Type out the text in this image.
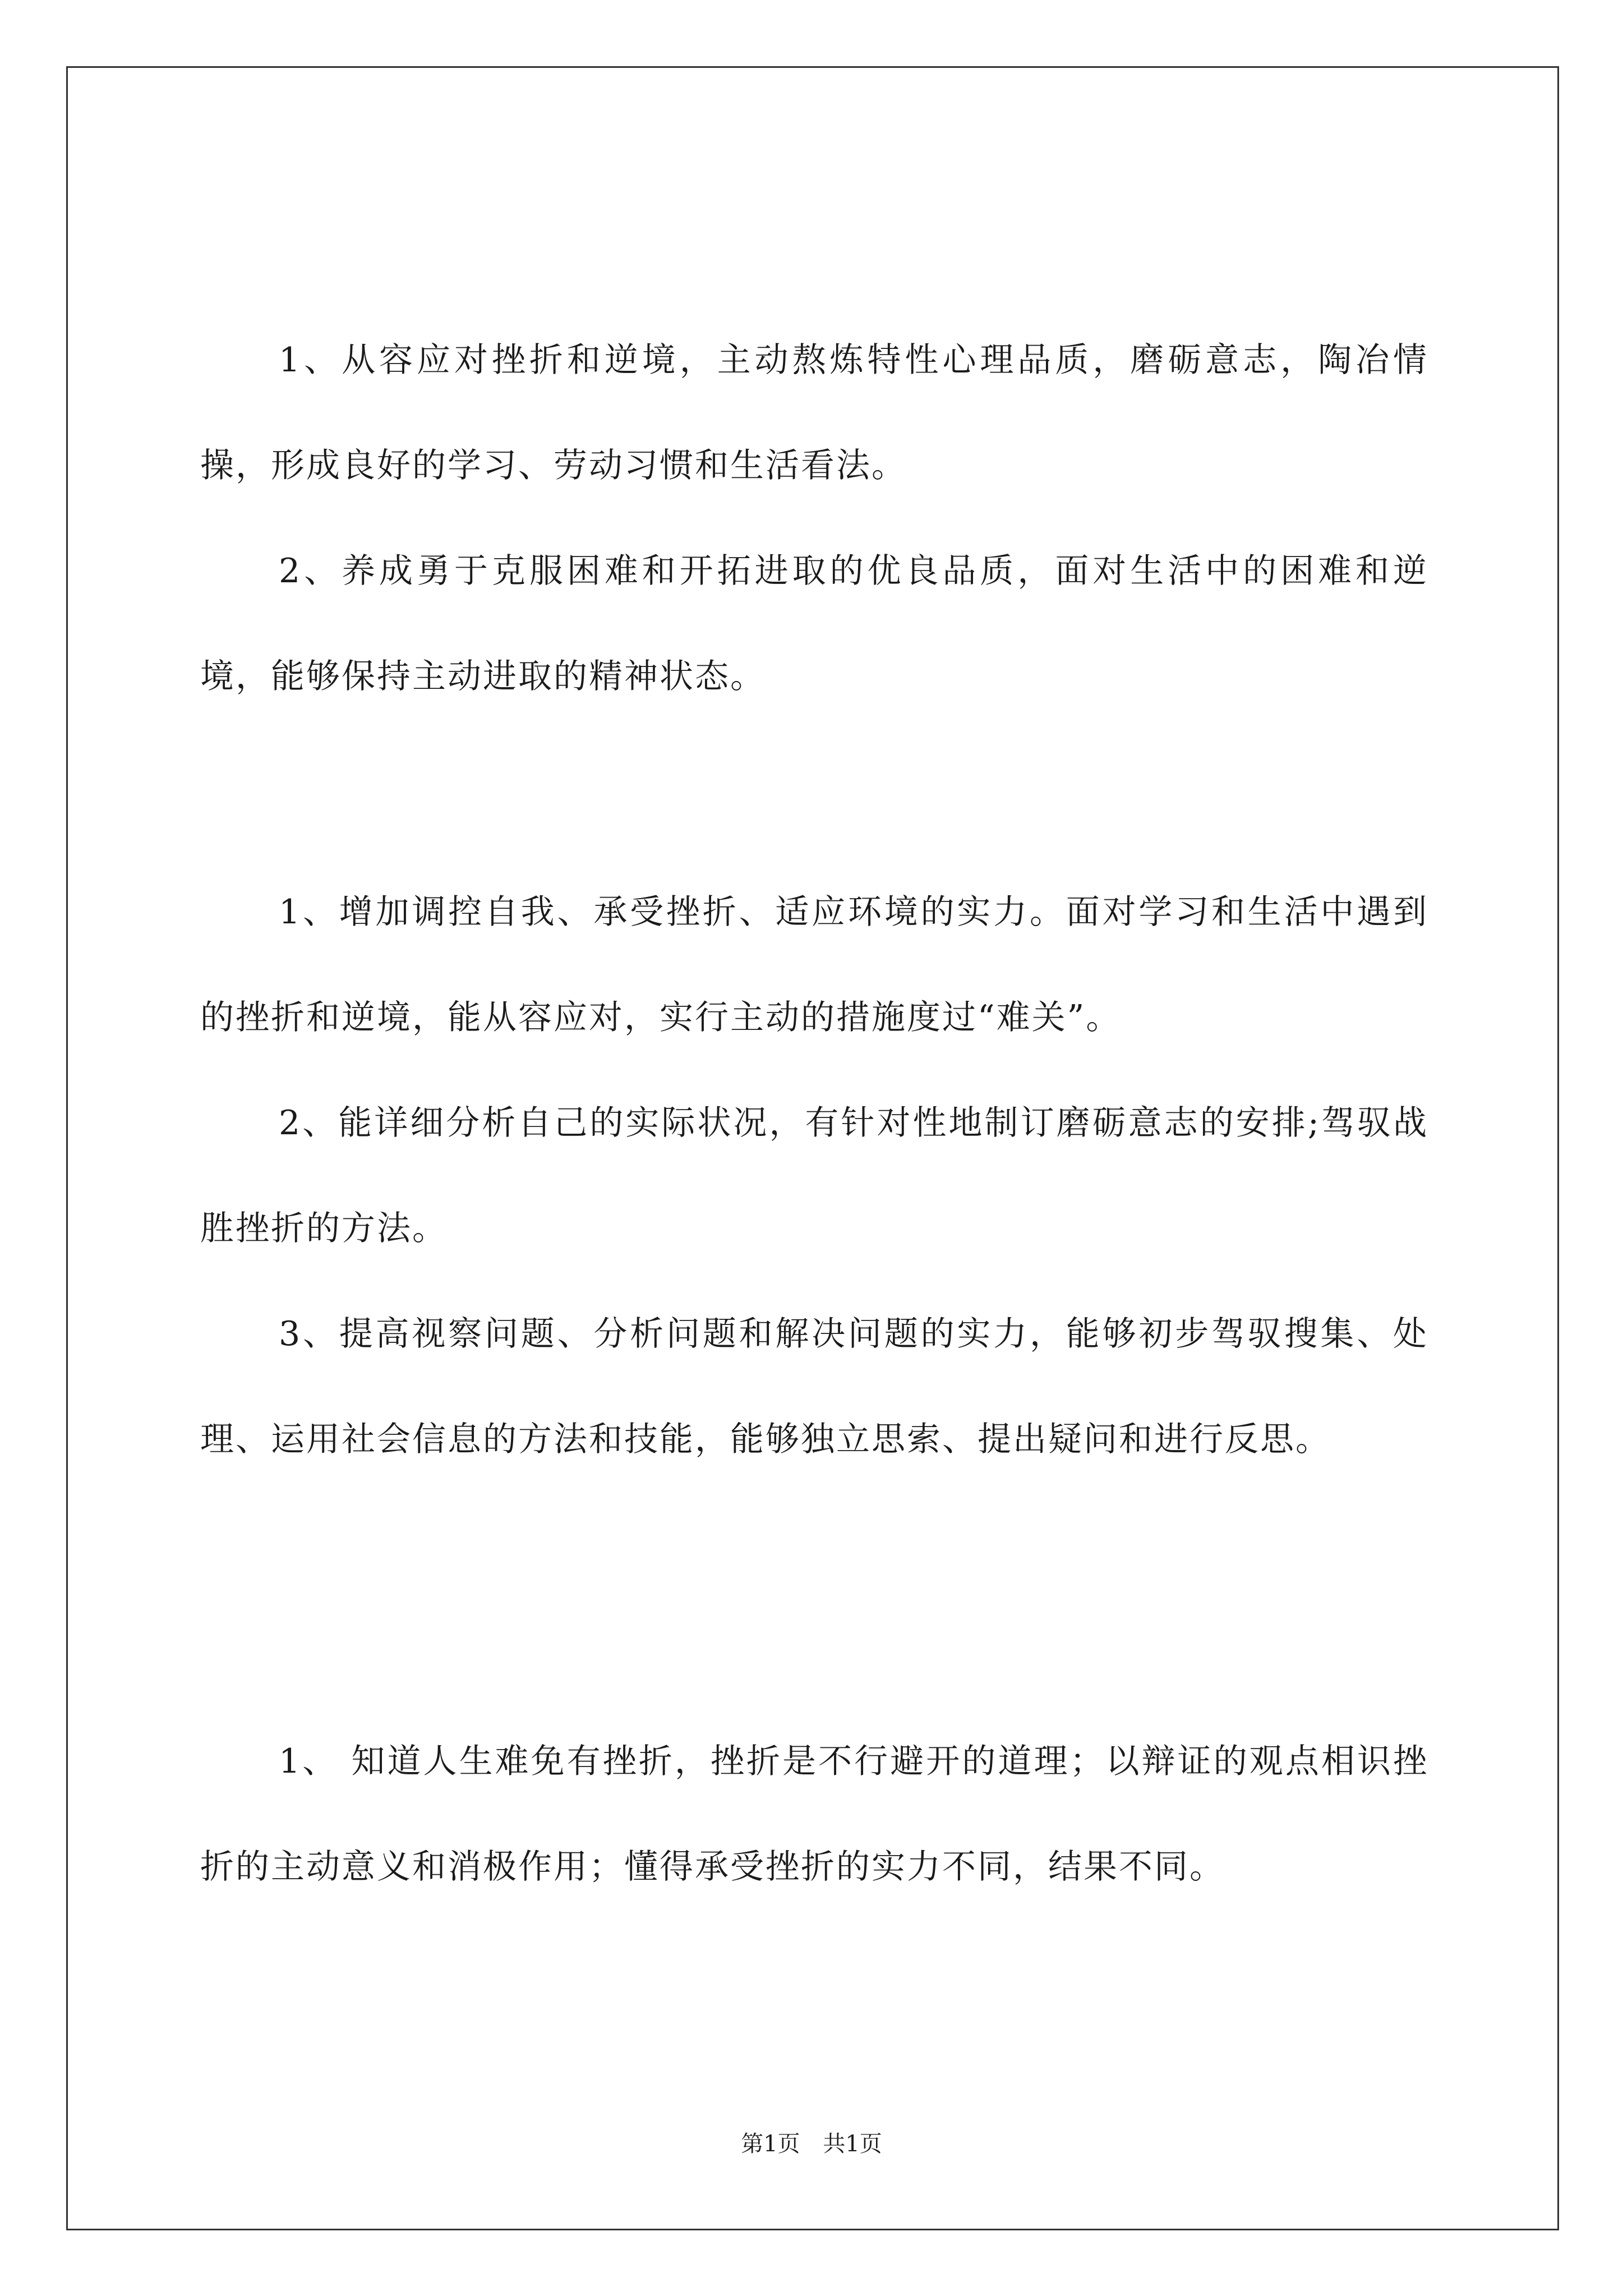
1、从容应对挫折和逆境，主动熬炼特性心理品质，磨砺意志，陶冶情操，形成良好的学习、劳动习惯和生活看法。

2、养成勇于克服困难和开拓进取的优良品质，面对生活中的困难和逆境，能够保持主动进取的精神状态。

1、增加调控自我、承受挫折、适应环境的实力。面对学习和生活中遇到的挫折和逆境，能从容应对，实行主动的措施度过“难关”。

2、能详细分析自己的实际状况，有针对性地制订磨砺意志的安排;驾驭战胜挫折的方法。

3、提高视察问题、分析问题和解决问题的实力，能够初步驾驭搜集、处理、运用社会信息的方法和技能，能够独立思索、提出疑问和进行反思。

1、 知道人生难免有挫折，挫折是不行避开的道理；以辩证的观点相识挫折的主动意义和消极作用；懂得承受挫折的实力不同，结果不同。

第1页 共1页
